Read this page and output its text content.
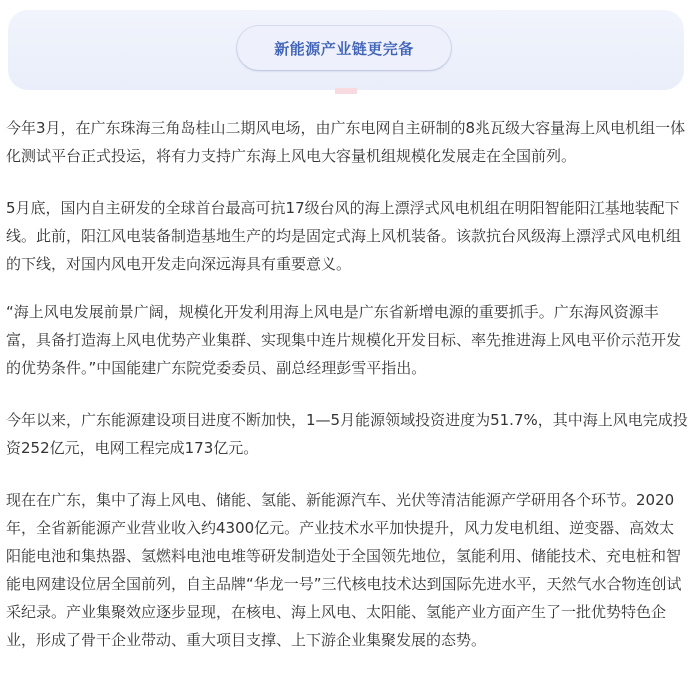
新能源产业链更完备

今年3月，在广东珠海三角岛桂山二期风电场，由广东电网自主研制的8兆瓦级大容量海上风电机组一体化测试平台正式投运，将有力支持广东海上风电大容量机组规模化发展走在全国前列。

5月底，国内自主研发的全球首台最高可抗17级台风的海上漂浮式风电机组在明阳智能阳江基地装配下线。此前，阳江风电装备制造基地生产的均是固定式海上风机装备。该款抗台风级海上漂浮式风电机组的下线，对国内风电开发走向深远海具有重要意义。

“海上风电发展前景广阔，规模化开发利用海上风电是广东省新增电源的重要抓手。广东海风资源丰富，具备打造海上风电优势产业集群、实现集中连片规模化开发目标、率先推进海上风电平价示范开发的优势条件。”中国能建广东院党委委员、副总经理彭雪平指出。

今年以来，广东能源建设项目进度不断加快，1—5月能源领域投资进度为51.7%，其中海上风电完成投资252亿元，电网工程完成173亿元。

现在在广东，集中了海上风电、储能、氢能、新能源汽车、光伏等清洁能源产学研用各个环节。2020年，全省新能源产业营业收入约4300亿元。产业技术水平加快提升，风力发电机组、逆变器、高效太阳能电池和集热器、氢燃料电池电堆等研发制造处于全国领先地位，氢能利用、储能技术、充电桩和智能电网建设位居全国前列，自主品牌“华龙一号”三代核电技术达到国际先进水平，天然气水合物连创试采纪录。产业集聚效应逐步显现，在核电、海上风电、太阳能、氢能产业方面产生了一批优势特色企业，形成了骨干企业带动、重大项目支撑、上下游企业集聚发展的态势。
